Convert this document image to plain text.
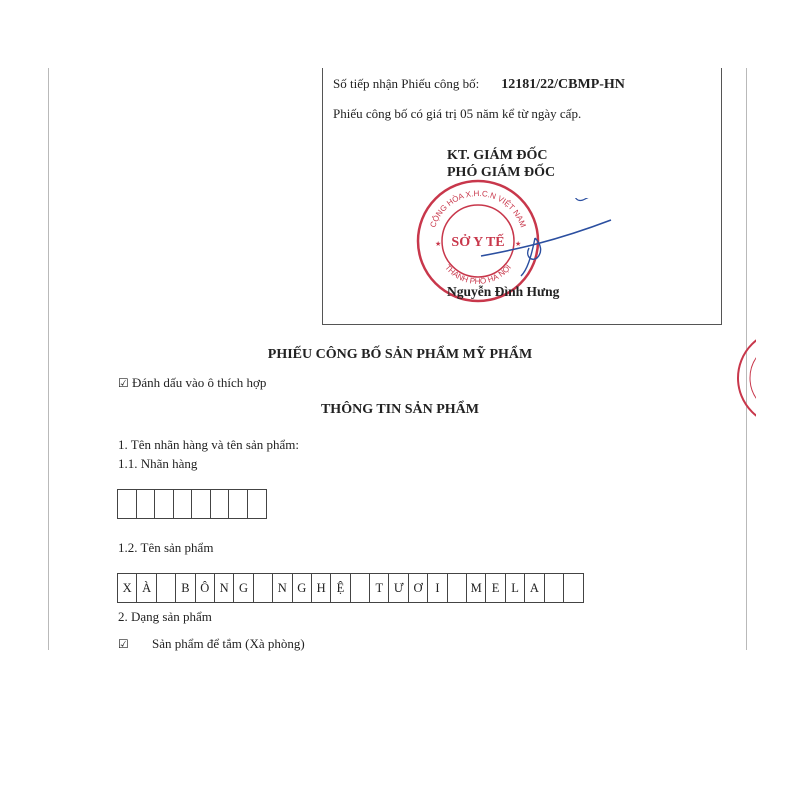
Số tiếp nhận Phiếu công bố: 12181/22/CBMP-HN
Phiếu công bố có giá trị 05 năm kể từ ngày cấp.
KT. GIÁM ĐỐC
PHÓ GIÁM ĐỐC
CỘNG HÒA X.H.C.N VIỆT NAM
THÀNH PHỐ HÀ NỘI
SỞ Y TẾ
★	★
Nguyễn Đình Hưng
PHIẾU CÔNG BỐ SẢN PHẨM MỸ PHẨM
☑ Đánh dấu vào ô thích hợp
THÔNG TIN SẢN PHẨM
1. Tên nhãn hàng và tên sản phẩm:
1.1. Nhãn hàng
1.2. Tên sản phẩm
X À	B Ô N G	N G H Ệ	T Ư Ơ	I	M E L A
2. Dạng sản phẩm
☑ Sản phẩm để tắm (Xà phòng)
